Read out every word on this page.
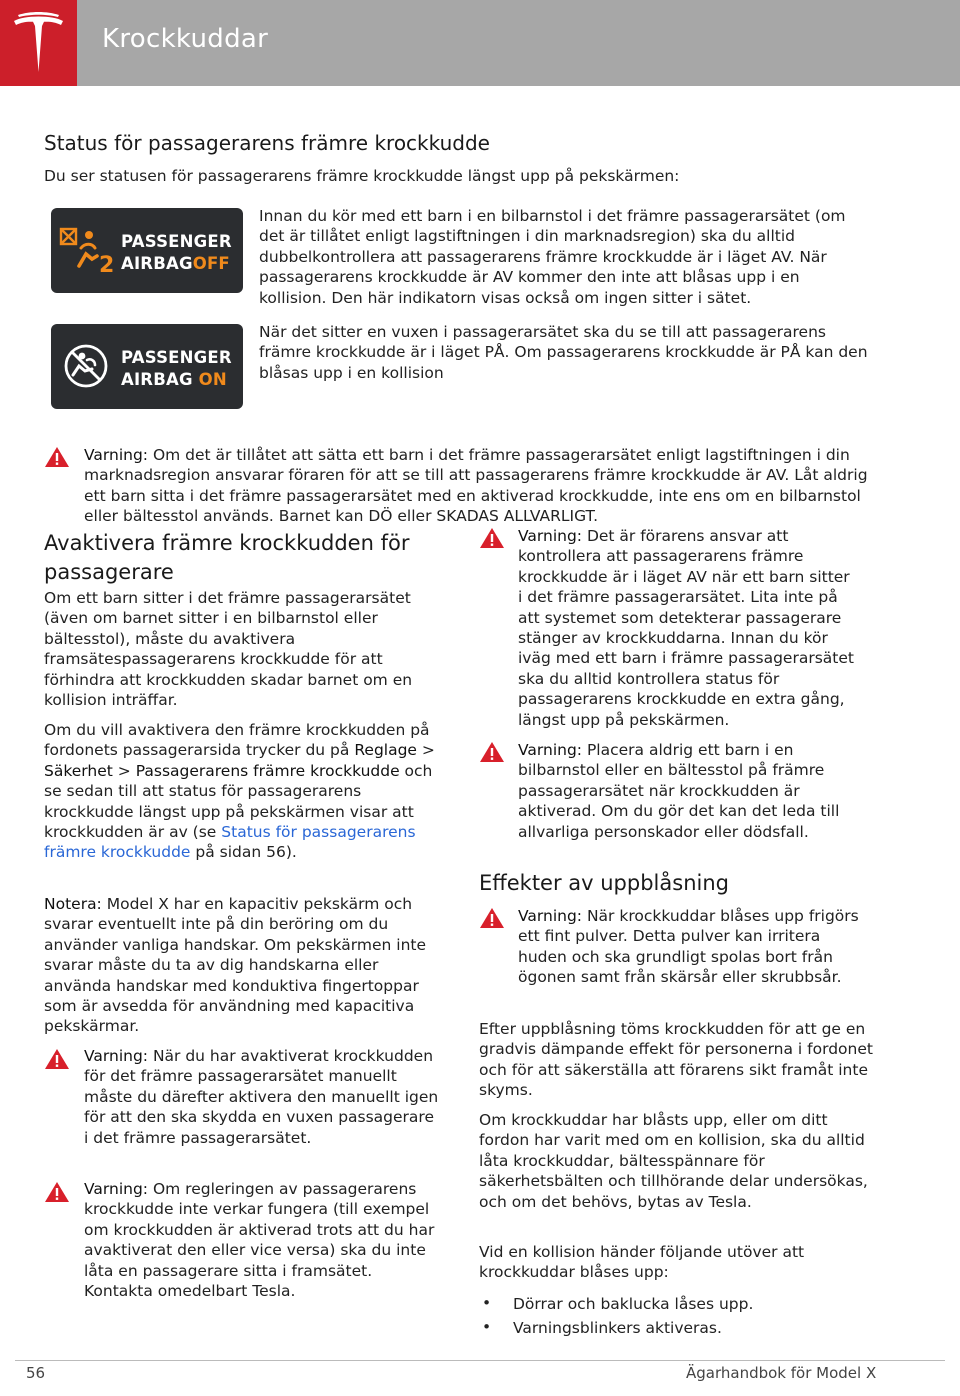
Krockkuddar
Status för passagerarens främre krockkudde

Du ser statusen för passagerarens främre krockkudde längst upp på pekskärmen:

2
PASSENGER
AIRBAGOFF

Innan du kör med ett barn i en bilbarnstol i det främre passagerarsätet (om det är tillåtet enligt lagstiftningen i din marknadsregion) ska du alltid dubbelkontrollera att passagerarens främre krockkudde är i läget AV. När passagerarens krockkudde är AV kommer den inte att blåsas upp i en kollision. Den här indikatorn visas också om ingen sitter i sätet.

PASSENGER
AIRBAG ON

När det sitter en vuxen i passagerarsätet ska du se till att passagerarens främre krockkudde är i läget PÅ. Om passagerarens krockkudde är PÅ kan den blåsas upp i en kollision

Varning: Om det är tillåtet att sätta ett barn i det främre passagerarsätet enligt lagstiftningen i din marknadsregion ansvarar föraren för att se till att passagerarens främre krockkudde är AV. Låt aldrig ett barn sitta i det främre passagerarsätet med en aktiverad krockkudde, inte ens om en bilbarnstol eller bältesstol används. Barnet kan DÖ eller SKADAS ALLVARLIGT.

Avaktivera främre krockkudden för passagerare

Om ett barn sitter i det främre passagerarsätet (även om barnet sitter i en bilbarnstol eller bältesstol), måste du avaktivera framsätespassagerarens krockkudde för att förhindra att krockkudden skadar barnet om en kollision inträffar.

Om du vill avaktivera den främre krockkudden på fordonets passagerarsida trycker du på Reglage > Säkerhet > Passagerarens främre krockkudde och se sedan till att status för passagerarens krockkudde längst upp på pekskärmen visar att krockkudden är av (se Status för passagerarens främre krockkudde på sidan 56).

Notera: Model X har en kapacitiv pekskärm och svarar eventuellt inte på din beröring om du använder vanliga handskar. Om pekskärmen inte svarar måste du ta av dig handskarna eller använda handskar med konduktiva fingertoppar som är avsedda för användning med kapacitiva pekskärmar.

Varning: När du har avaktiverat krockkudden för det främre passagerarsätet manuellt måste du därefter aktivera den manuellt igen för att den ska skydda en vuxen passagerare i det främre passagerarsätet.

Varning: Om regleringen av passagerarens krockkudde inte verkar fungera (till exempel om krockkudden är aktiverad trots att du har avaktiverat den eller vice versa) ska du inte låta en passagerare sitta i framsätet. Kontakta omedelbart Tesla.

Varning: Det är förarens ansvar att kontrollera att passagerarens främre krockkudde är i läget AV när ett barn sitter i det främre passagerarsätet. Lita inte på att systemet som detekterar passagerare stänger av krockkuddarna. Innan du kör iväg med ett barn i främre passagerarsätet ska du alltid kontrollera status för passagerarens krockkudde en extra gång, längst upp på pekskärmen.

Varning: Placera aldrig ett barn i en bilbarnstol eller en bältesstol på främre passagerarsätet när krockkudden är aktiverad. Om du gör det kan det leda till allvarliga personskador eller dödsfall.

Effekter av uppblåsning

Varning: När krockkuddar blåses upp frigörs ett fint pulver. Detta pulver kan irritera huden och ska grundligt spolas bort från ögonen samt från skärsår eller skrubbsår.

Efter uppblåsning töms krockkudden för att ge en gradvis dämpande effekt för personerna i fordonet och för att säkerställa att förarens sikt framåt inte skyms.

Om krockkuddar har blåsts upp, eller om ditt fordon har varit med om en kollision, ska du alltid låta krockkuddar, bältesspännare för säkerhetsbälten och tillhörande delar undersökas, och om det behövs, bytas av Tesla.

Vid en kollision händer följande utöver att krockkuddar blåses upp:

• Dörrar och baklucka låses upp.

• Varningsblinkers aktiveras.

56	Ägarhandbok för Model X
